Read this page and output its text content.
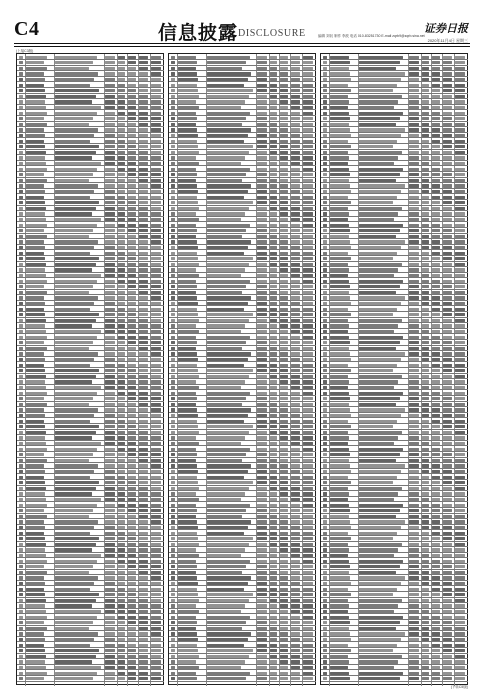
C4	信息披露 DISCLOSURE	编辑 刘钊 制作 李波 电话 010-83251730 E-mail zqrb9@zqrb.sina.net
证券日报
2020年11月4日 星期三
(上接C3版)
(下转C5版)
